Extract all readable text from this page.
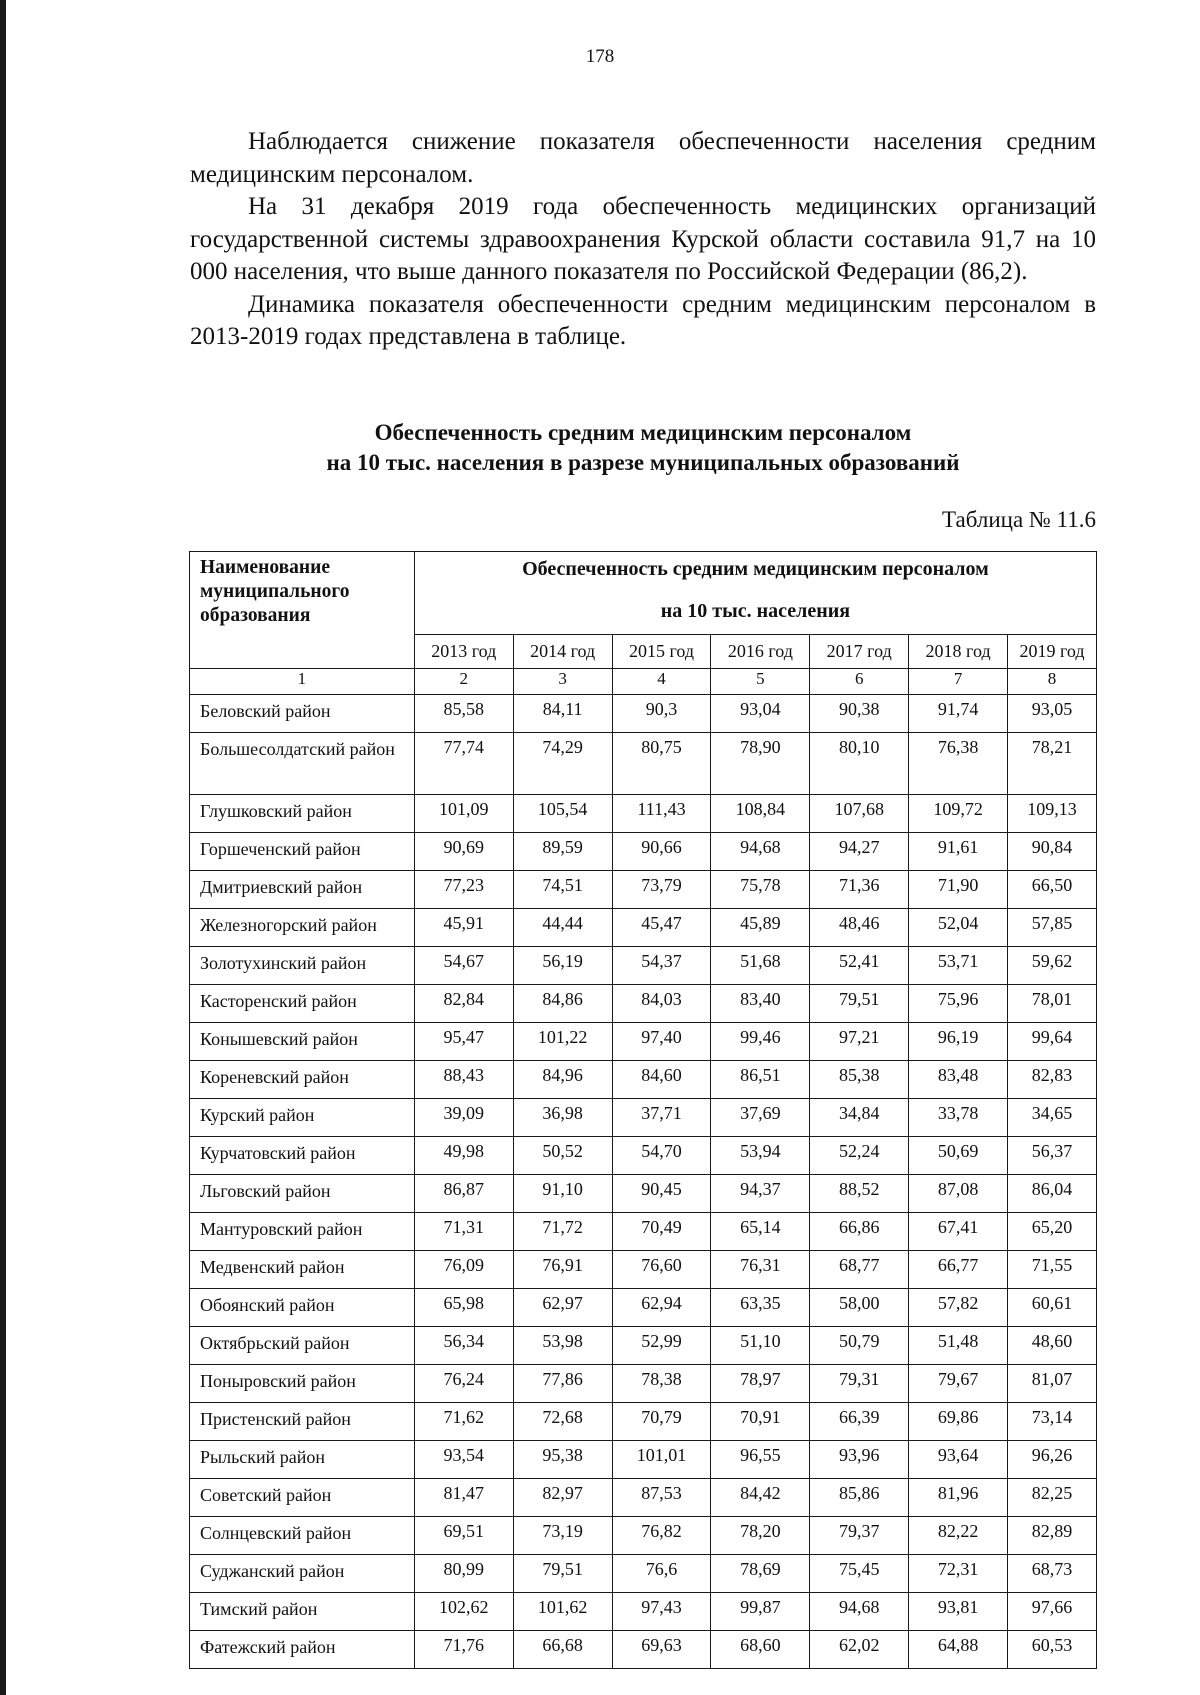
178

Наблюдается снижение показателя обеспеченности населения средним медицинским персоналом.

На 31 декабря 2019 года обеспеченность медицинских организаций государственной системы здравоохранения Курской области составила 91,7 на 10 000 населения, что выше данного показателя по Российской Федерации (86,2).

Динамика показателя обеспеченности средним медицинским персоналом в 2013-2019 годах представлена в таблице.

Обеспеченность средним медицинским персоналом
на 10 тыс. населения в разрезе муниципальных образований
Таблица № 11.6
Наименование муниципального образования	Обеспеченность средним медицинским персоналом
на 10 тыс. населения						

	2013 год	2014 год	2015 год	2016 год	2017 год	2018 год	2019 год
1	2	3	4	5	6	7	8
Беловский район	85,58	84,11	90,3	93,04	90,38	91,74	93,05
Большесолдатский район	77,74	74,29	80,75	78,90	80,10	76,38	78,21
Глушковский район	101,09	105,54	111,43	108,84	107,68	109,72	109,13
Горшеченский район	90,69	89,59	90,66	94,68	94,27	91,61	90,84
Дмитриевский район	77,23	74,51	73,79	75,78	71,36	71,90	66,50
Железногорский район	45,91	44,44	45,47	45,89	48,46	52,04	57,85
Золотухинский район	54,67	56,19	54,37	51,68	52,41	53,71	59,62
Касторенский район	82,84	84,86	84,03	83,40	79,51	75,96	78,01
Конышевский район	95,47	101,22	97,40	99,46	97,21	96,19	99,64
Кореневский район	88,43	84,96	84,60	86,51	85,38	83,48	82,83
Курский район	39,09	36,98	37,71	37,69	34,84	33,78	34,65
Курчатовский район	49,98	50,52	54,70	53,94	52,24	50,69	56,37
Льговский район	86,87	91,10	90,45	94,37	88,52	87,08	86,04
Мантуровский район	71,31	71,72	70,49	65,14	66,86	67,41	65,20
Медвенский район	76,09	76,91	76,60	76,31	68,77	66,77	71,55
Обоянский район	65,98	62,97	62,94	63,35	58,00	57,82	60,61
Октябрьский район	56,34	53,98	52,99	51,10	50,79	51,48	48,60
Поныровский район	76,24	77,86	78,38	78,97	79,31	79,67	81,07
Пристенский район	71,62	72,68	70,79	70,91	66,39	69,86	73,14
Рыльский район	93,54	95,38	101,01	96,55	93,96	93,64	96,26
Советский район	81,47	82,97	87,53	84,42	85,86	81,96	82,25
Солнцевский район	69,51	73,19	76,82	78,20	79,37	82,22	82,89
Суджанский район	80,99	79,51	76,6	78,69	75,45	72,31	68,73
Тимский район	102,62	101,62	97,43	99,87	94,68	93,81	97,66
Фатежский район	71,76	66,68	69,63	68,60	62,02	64,88	60,53
